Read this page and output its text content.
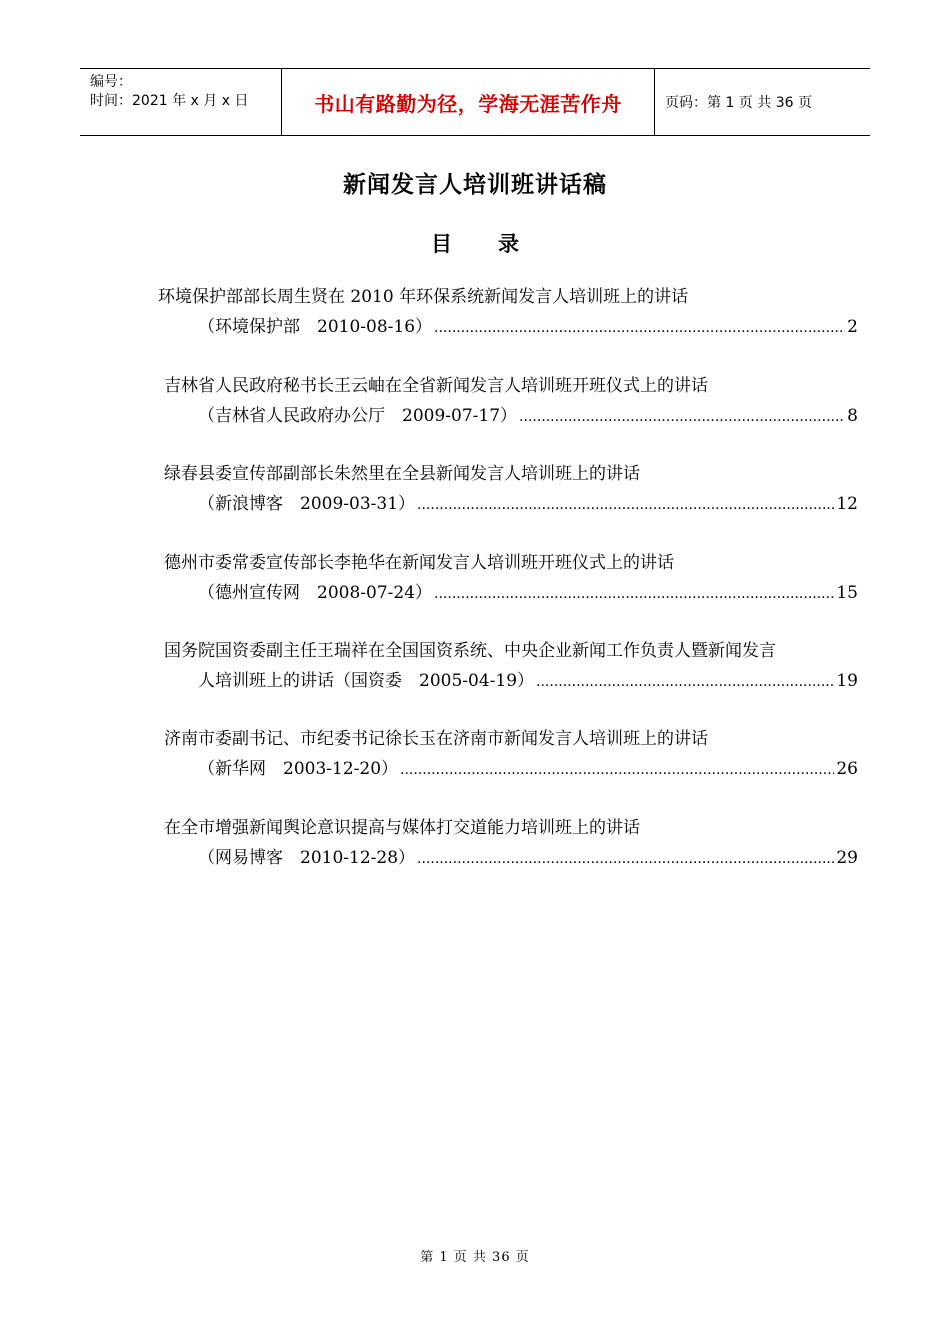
编号：
时间：2021 年 x 月 x 日	书山有路勤为径，学海无涯苦作舟	页码：第 1 页 共 36 页
新闻发言人培训班讲话稿
目 录
环境保护部部长周生贤在 2010 年环保系统新闻发言人培训班上的讲话
（环境保护部　2010-08-16） .....	2
吉林省人民政府秘书长王云岫在全省新闻发言人培训班开班仪式上的讲话
（吉林省人民政府办公厅　2009-07-17） .....	8
绿春县委宣传部副部长朱然里在全县新闻发言人培训班上的讲话
（新浪博客　2009-03-31） .....	12
德州市委常委宣传部长李艳华在新闻发言人培训班开班仪式上的讲话
（德州宣传网　2008-07-24） .....	15
国务院国资委副主任王瑞祥在全国国资系统、中央企业新闻工作负责人暨新闻发言
人培训班上的讲话（国资委　2005-04-19） .....	19
济南市委副书记、市纪委书记徐长玉在济南市新闻发言人培训班上的讲话
（新华网　2003-12-20） .....	26
在全市增强新闻舆论意识提高与媒体打交道能力培训班上的讲话
（网易博客　2010-12-28） .....	29
第 1 页 共 36 页
